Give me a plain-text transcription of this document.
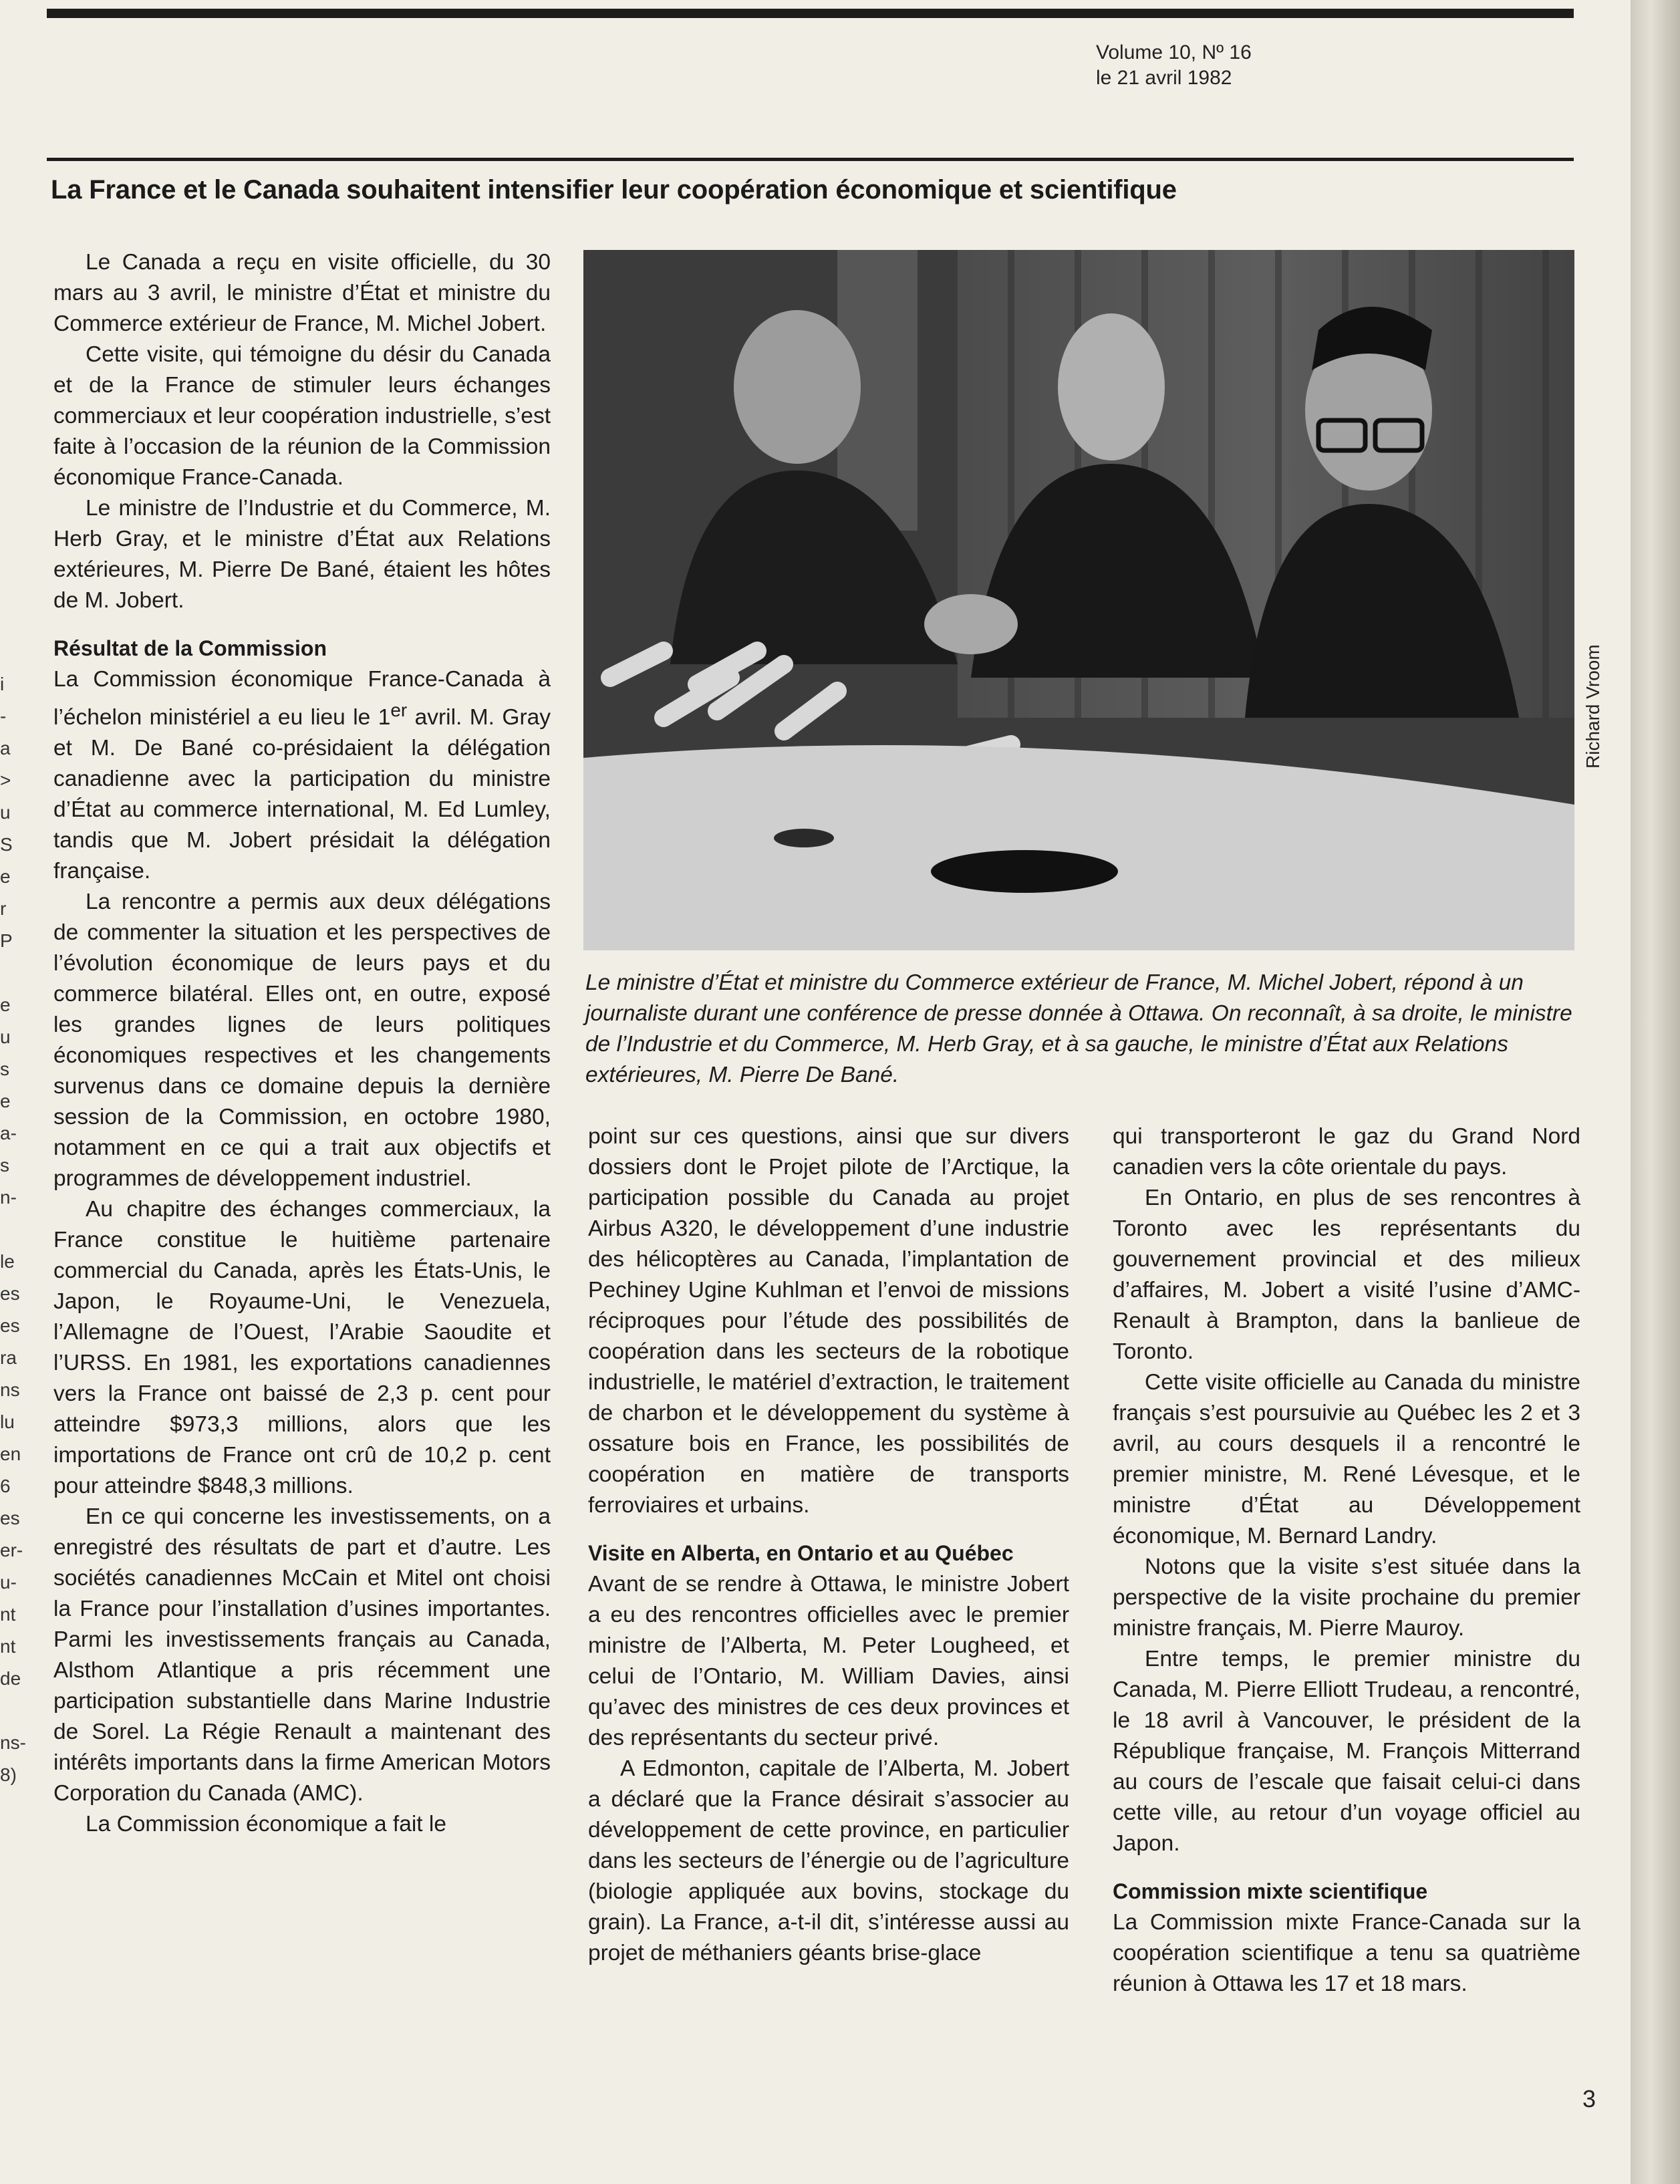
i
-
a
>
u
S
e
r
P

e
u
s
e
a-
s
n-

le
es
es
ra
ns
lu
en
6
es
er-
u-
nt
nt
de

ns-
8)
Volume 10, Nº 16
le 21 avril 1982
La France et le Canada souhaitent intensifier leur coopération économique et scientifique

Le Canada a reçu en visite officielle, du 30 mars au 3 avril, le ministre d’État et ministre du Commerce extérieur de France, M. Michel Jobert.

Cette visite, qui témoigne du désir du Canada et de la France de stimuler leurs échanges commerciaux et leur coopération industrielle, s’est faite à l’occasion de la réunion de la Commission économique France-Canada.

Le ministre de l’Industrie et du Commerce, M. Herb Gray, et le ministre d’État aux Relations extérieures, M. Pierre De Bané, étaient les hôtes de M. Jobert.

Résultat de la Commission

La Commission économique France-Canada à l’échelon ministériel a eu lieu le 1er avril. M. Gray et M. De Bané co-présidaient la délégation canadienne avec la participation du ministre d’État au commerce international, M. Ed Lumley, tandis que M. Jobert présidait la délégation française.

La rencontre a permis aux deux délégations de commenter la situation et les perspectives de l’évolution économique de leurs pays et du commerce bilatéral. Elles ont, en outre, exposé les grandes lignes de leurs politiques économiques respectives et les changements survenus dans ce domaine depuis la dernière session de la Commission, en octobre 1980, notamment en ce qui a trait aux objectifs et programmes de développement industriel.

Au chapitre des échanges commerciaux, la France constitue le huitième partenaire commercial du Canada, après les États-Unis, le Japon, le Royaume-Uni, le Venezuela, l’Allemagne de l’Ouest, l’Arabie Saoudite et l’URSS. En 1981, les exportations canadiennes vers la France ont baissé de 2,3 p. cent pour atteindre $973,3 millions, alors que les importations de France ont crû de 10,2 p. cent pour atteindre $848,3 millions.

En ce qui concerne les investissements, on a enregistré des résultats de part et d’autre. Les sociétés canadiennes McCain et Mitel ont choisi la France pour l’installation d’usines importantes. Parmi les investissements français au Canada, Alsthom Atlantique a pris récemment une participation substantielle dans Marine Industrie de Sorel. La Régie Renault a maintenant des intérêts importants dans la firme American Motors Corporation du Canada (AMC).

La Commission économique a fait le

Richard Vroom
Le ministre d’État et ministre du Commerce extérieur de France, M. Michel Jobert, répond à un journaliste durant une conférence de presse donnée à Ottawa. On reconnaît, à sa droite, le ministre de l’Industrie et du Commerce, M. Herb Gray, et à sa gauche, le ministre d’État aux Relations extérieures, M. Pierre De Bané.

point sur ces questions, ainsi que sur divers dossiers dont le Projet pilote de l’Arctique, la participation possible du Canada au projet Airbus A320, le développement d’une industrie des hélicoptères au Canada, l’implantation de Pechiney Ugine Kuhlman et l’envoi de missions réciproques pour l’étude des possibilités de coopération dans les secteurs de la robotique industrielle, le matériel d’extraction, le traitement de charbon et le développement du système à ossature bois en France, les possibilités de coopération en matière de transports ferroviaires et urbains.

Visite en Alberta, en Ontario et au Québec

Avant de se rendre à Ottawa, le ministre Jobert a eu des rencontres officielles avec le premier ministre de l’Alberta, M. Peter Lougheed, et celui de l’Ontario, M. William Davies, ainsi qu’avec des ministres de ces deux provinces et des représentants du secteur privé.

A Edmonton, capitale de l’Alberta, M. Jobert a déclaré que la France désirait s’associer au développement de cette province, en particulier dans les secteurs de l’énergie ou de l’agriculture (biologie appliquée aux bovins, stockage du grain). La France, a-t-il dit, s’intéresse aussi au projet de méthaniers géants brise-glace

qui transporteront le gaz du Grand Nord canadien vers la côte orientale du pays.

En Ontario, en plus de ses rencontres à Toronto avec les représentants du gouvernement provincial et des milieux d’affaires, M. Jobert a visité l’usine d’AMC-Renault à Brampton, dans la banlieue de Toronto.

Cette visite officielle au Canada du ministre français s’est poursuivie au Québec les 2 et 3 avril, au cours desquels il a rencontré le premier ministre, M. René Lévesque, et le ministre d’État au Développement économique, M. Bernard Landry.

Notons que la visite s’est située dans la perspective de la visite prochaine du premier ministre français, M. Pierre Mauroy.

Entre temps, le premier ministre du Canada, M. Pierre Elliott Trudeau, a rencontré, le 18 avril à Vancouver, le président de la République française, M. François Mitterrand au cours de l’escale que faisait celui-ci dans cette ville, au retour d’un voyage officiel au Japon.

Commission mixte scientifique

La Commission mixte France-Canada sur la coopération scientifique a tenu sa quatrième réunion à Ottawa les 17 et 18 mars.

3
